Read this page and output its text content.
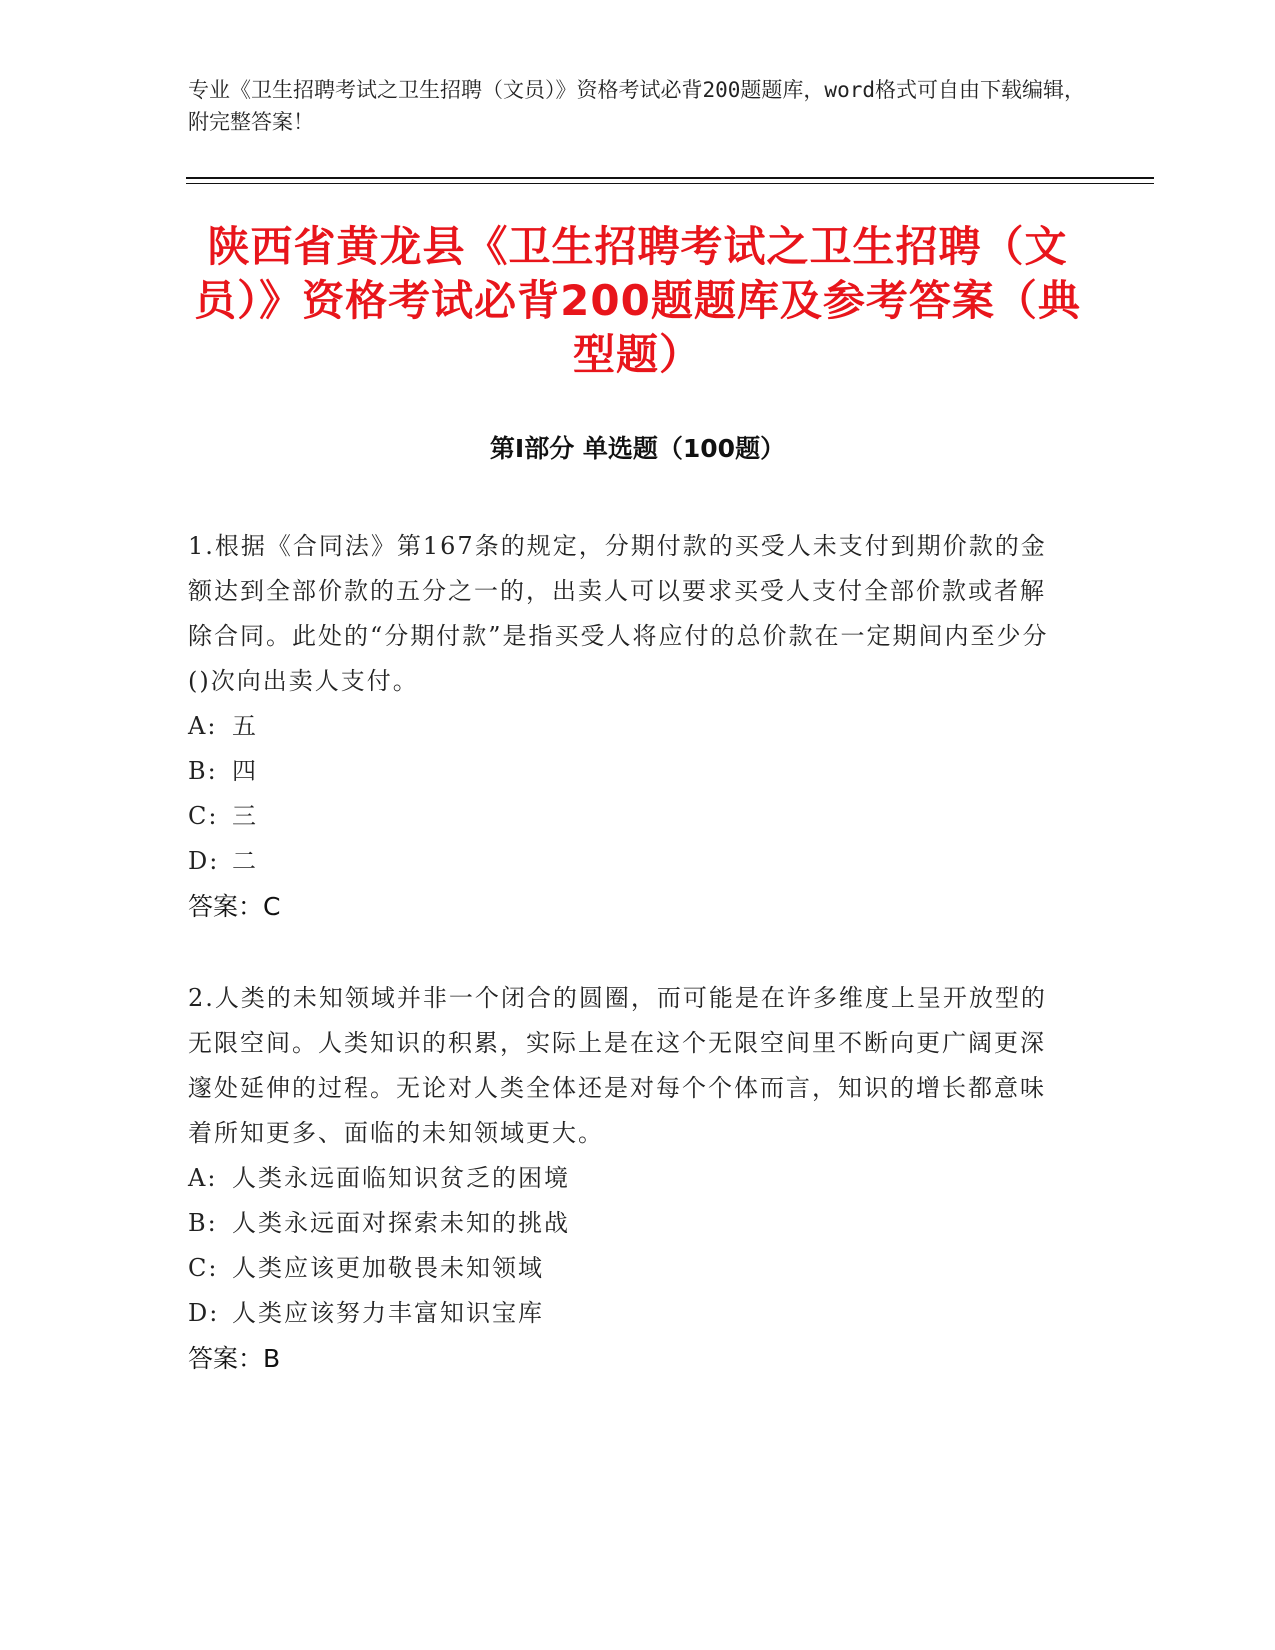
专业《卫生招聘考试之卫生招聘（文员）》资格考试必背200题题库，word格式可自由下载编辑，附完整答案！
陕西省黄龙县《卫生招聘考试之卫生招聘（文员）》资格考试必背200题题库及参考答案（典型题）
第Ⅰ部分 单选题（100题）
1.根据《合同法》第167条的规定，分期付款的买受人未支付到期价款的金额达到全部价款的五分之一的，出卖人可以要求买受人支付全部价款或者解除合同。此处的“分期付款”是指买受人将应付的总价款在一定期间内至少分()次向出卖人支付。
A: 五
B: 四
C: 三
D: 二
答案：C
2.人类的未知领域并非一个闭合的圆圈，而可能是在许多维度上呈开放型的无限空间。人类知识的积累，实际上是在这个无限空间里不断向更广阔更深邃处延伸的过程。无论对人类全体还是对每个个体而言，知识的增长都意味着所知更多、面临的未知领域更大。
A: 人类永远面临知识贫乏的困境
B: 人类永远面对探索未知的挑战
C: 人类应该更加敬畏未知领域
D: 人类应该努力丰富知识宝库
答案：B
